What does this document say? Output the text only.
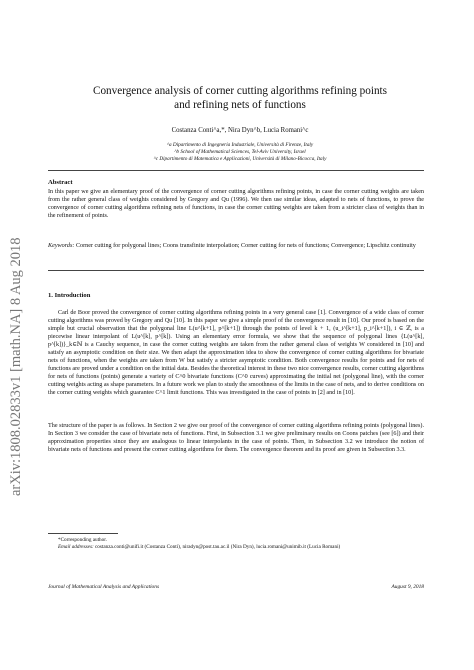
arXiv:1808.02833v1 [math.NA] 8 Aug 2018
Convergence analysis of corner cutting algorithms refining points
and refining nets of functions
Costanza Conti^a,*, Nira Dyn^b, Lucia Romani^c
^a Dipartimento di Ingegneria Industriale, Università di Firenze, Italy
^b School of Mathematical Sciences, Tel-Aviv University, Israel
^c Dipartimento di Matematica e Applicazioni, Università di Milano-Bicocca, Italy
Abstract
In this paper we give an elementary proof of the convergence of corner cutting algorithms refining points, in case the corner cutting weights are taken from the rather general class of weights considered by Gregory and Qu (1996). We then use similar ideas, adapted to nets of functions, to prove the convergence of corner cutting algorithms refining nets of functions, in case the corner cutting weights are taken from a stricter class of weights than in the refinement of points.
Keywords: Corner cutting for polygonal lines; Coons transfinite interpolation; Corner cutting for nets of functions; Convergence; Lipschitz continuity
1. Introduction
Carl de Boor proved the convergence of corner cutting algorithms refining points in a very general case [1]. Convergence of a wide class of corner cutting algorithms was proved by Gregory and Qu [10]. In this paper we give a simple proof of the convergence result in [10]. Our proof is based on the simple but crucial observation that the polygonal line L(u^[k+1], p^[k+1]) through the points of level k + 1, (u_i^[k+1], p_i^[k+1]), i ∈ ℤ, is a piecewise linear interpolant of L(u^[k], p^[k]). Using an elementary error formula, we show that the sequence of polygonal lines {L(u^[k], p^[k])}_k∈ℕ is a Cauchy sequence, in case the corner cutting weights are taken from the rather general class of weights W considered in [10] and satisfy an asymptotic condition on their size. We then adapt the approximation idea to show the convergence of corner cutting algorithms for bivariate nets of functions, when the weights are taken from W but satisfy a stricter asymptotic condition. Both convergence results for points and for nets of functions are proved under a condition on the initial data. Besides the theoretical interest in these two nice convergence results, corner cutting algorithms for nets of functions (points) generate a variety of C^0 bivariate functions (C^0 curves) approximating the initial net (polygonal line), with the corner cutting weights acting as shape parameters. In a future work we plan to study the smoothness of the limits in the case of nets, and to derive conditions on the corner cutting weights which guarantee C^1 limit functions. This was investigated in the case of points in [2] and in [10].
The structure of the paper is as follows. In Section 2 we give our proof of the convergence of corner cutting algorithms refining points (polygonal lines). In Section 3 we consider the case of bivariate nets of functions. First, in Subsection 3.1 we give preliminary results on Coons patches (see [6]) and their approximation properties since they are analogous to linear interpolants in the case of points. Then, in Subsection 3.2 we introduce the notion of bivariate nets of functions and present the corner cutting algorithms for them. The convergence theorem and its proof are given in Subsection 3.3.
*Corresponding author.
Email addresses: costanza.conti@unifi.it (Costanza Conti), niradyn@post.tau.ac.il (Nira Dyn), lucia.romani@unimib.it (Lucia Romani)
Journal of Mathematical Analysis and Applications	August 9, 2018
